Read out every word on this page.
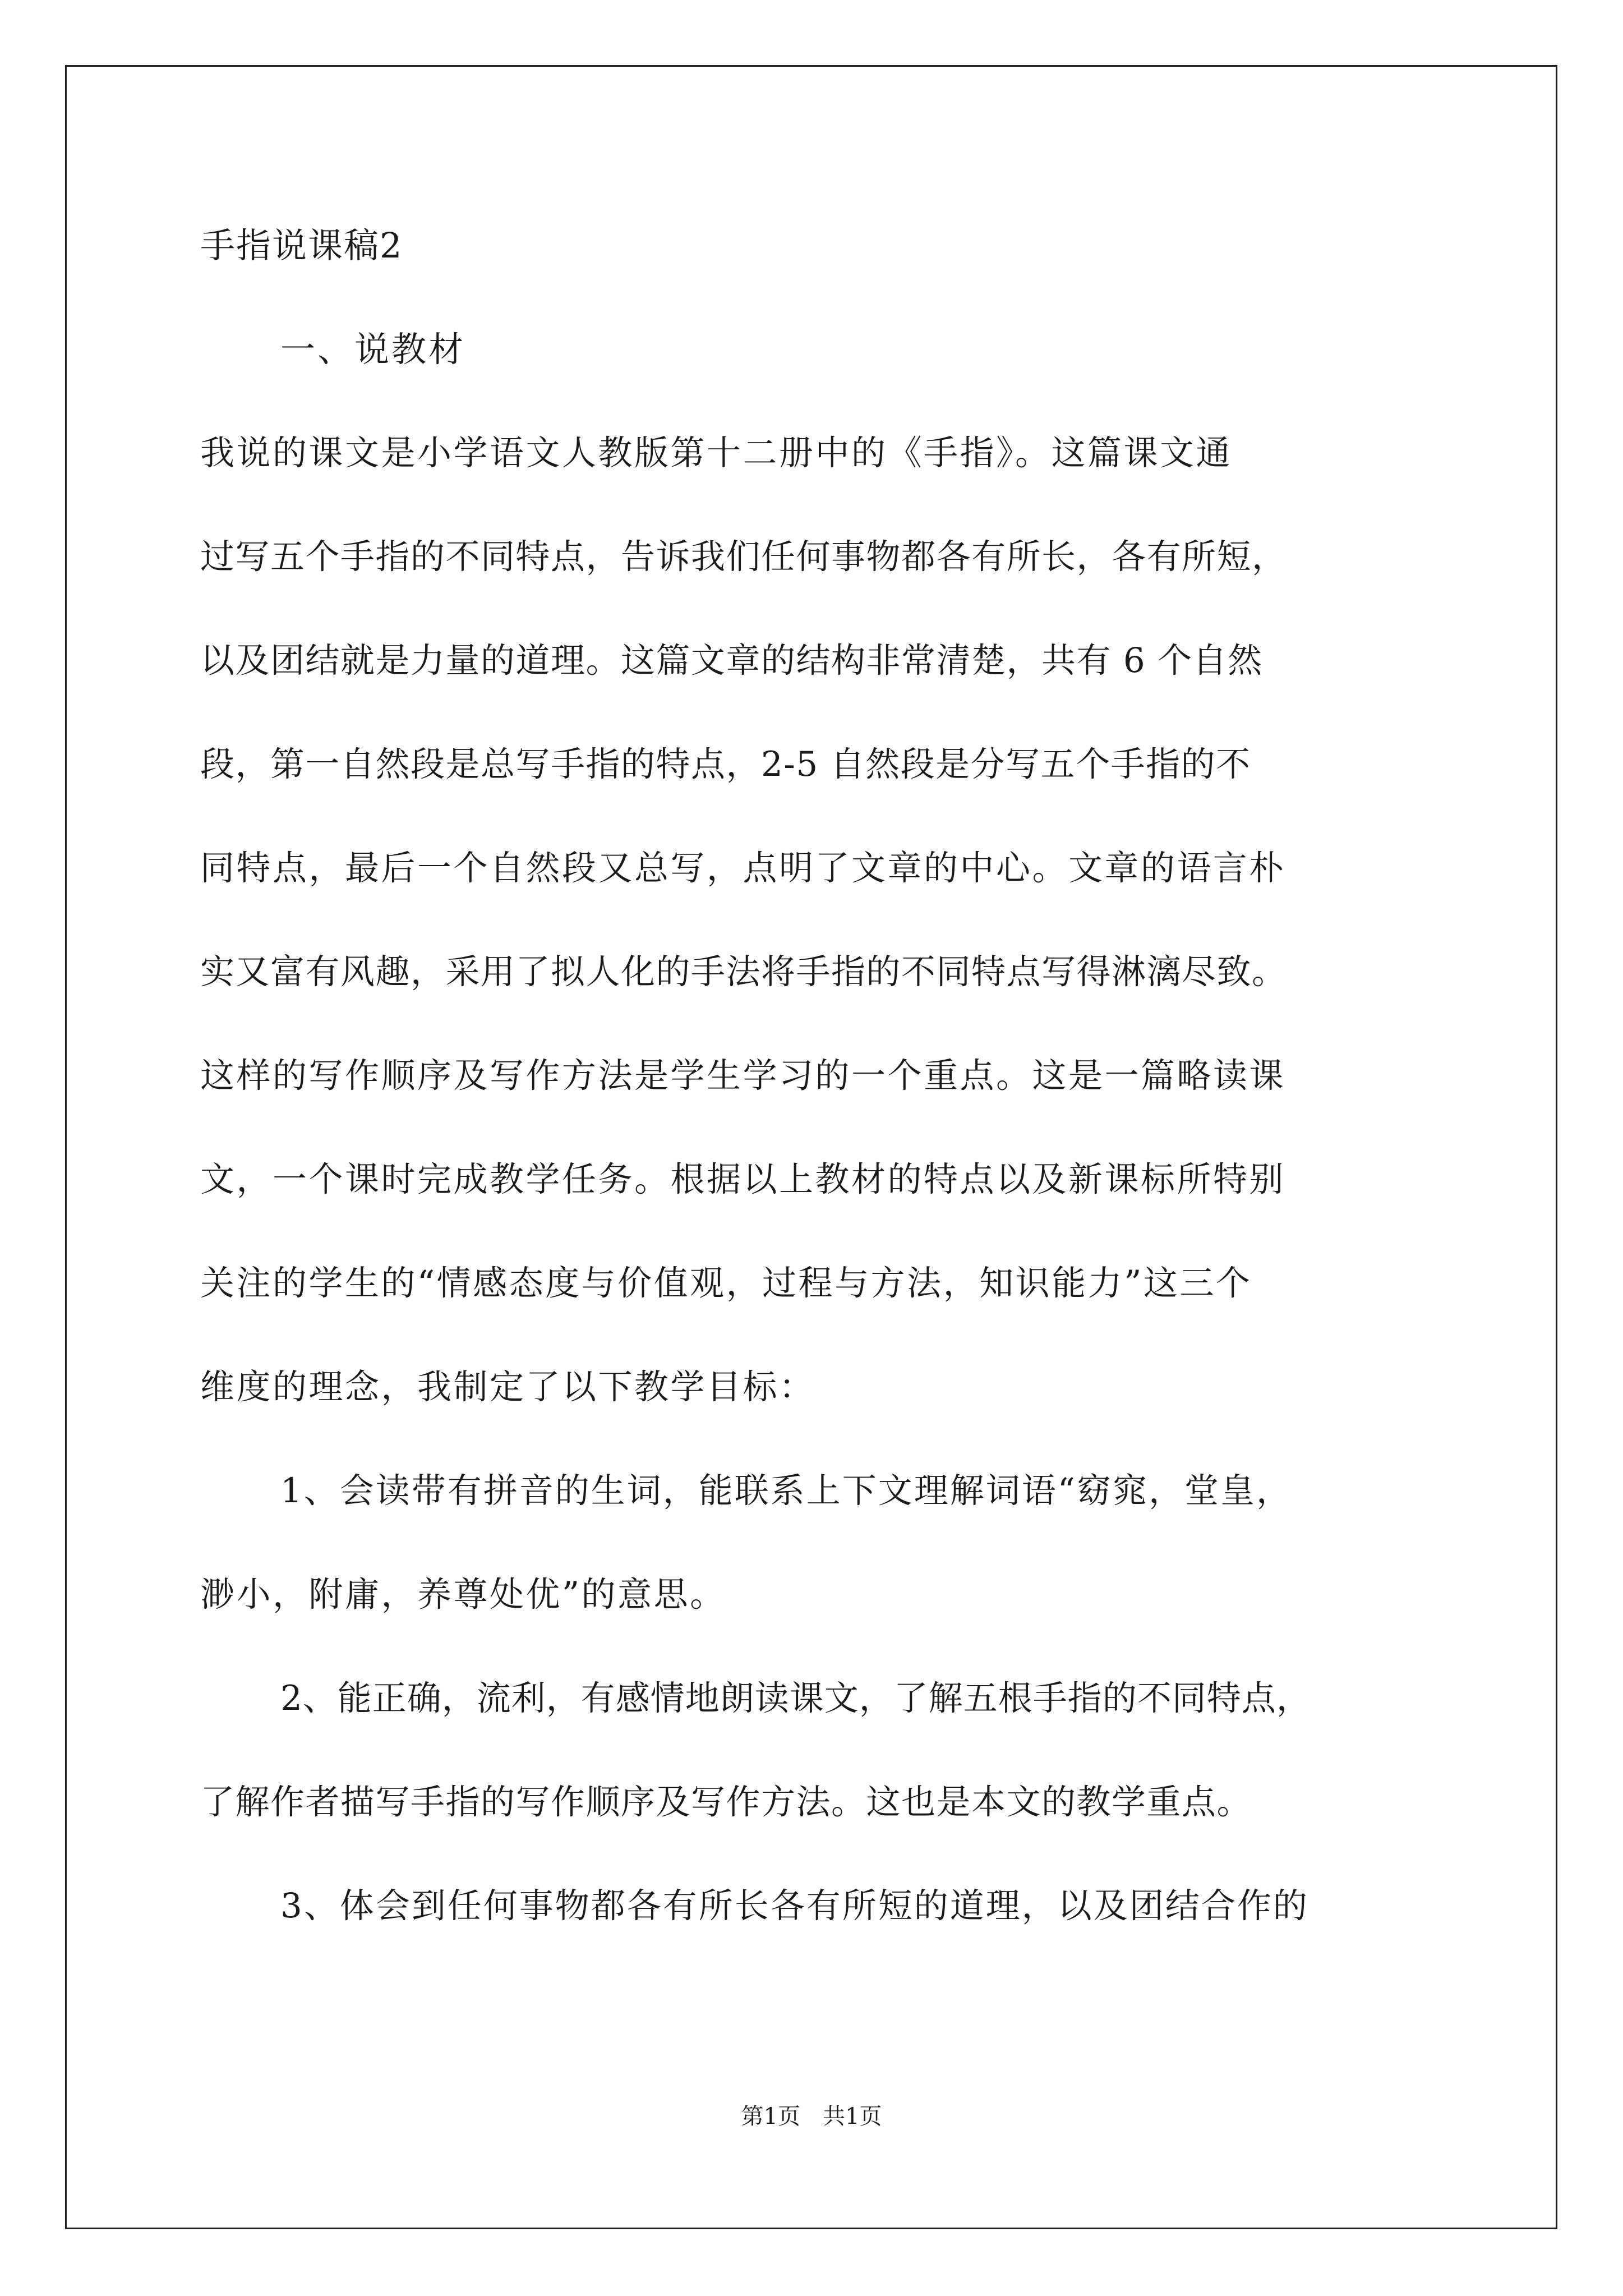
手指说课稿2
一、说教材

我说的课文是小学语文人教版第十二册中的《手指》。这篇课文通

过写五个手指的不同特点，告诉我们任何事物都各有所长，各有所短，

以及团结就是力量的道理。这篇文章的结构非常清楚，共有 6 个自然

段，第一自然段是总写手指的特点，2-5 自然段是分写五个手指的不

同特点，最后一个自然段又总写，点明了文章的中心。文章的语言朴

实又富有风趣，采用了拟人化的手法将手指的不同特点写得淋漓尽致。

这样的写作顺序及写作方法是学生学习的一个重点。这是一篇略读课

文，一个课时完成教学任务。根据以上教材的特点以及新课标所特别

关注的学生的“情感态度与价值观，过程与方法，知识能力”这三个

维度的理念，我制定了以下教学目标：

1、会读带有拼音的生词，能联系上下文理解词语“窈窕，堂皇，

渺小，附庸，养尊处优”的意思。

2、能正确，流利，有感情地朗读课文，了解五根手指的不同特点，

了解作者描写手指的写作顺序及写作方法。这也是本文的教学重点。

3、体会到任何事物都各有所长各有所短的道理，以及团结合作的

第1页　共1页
